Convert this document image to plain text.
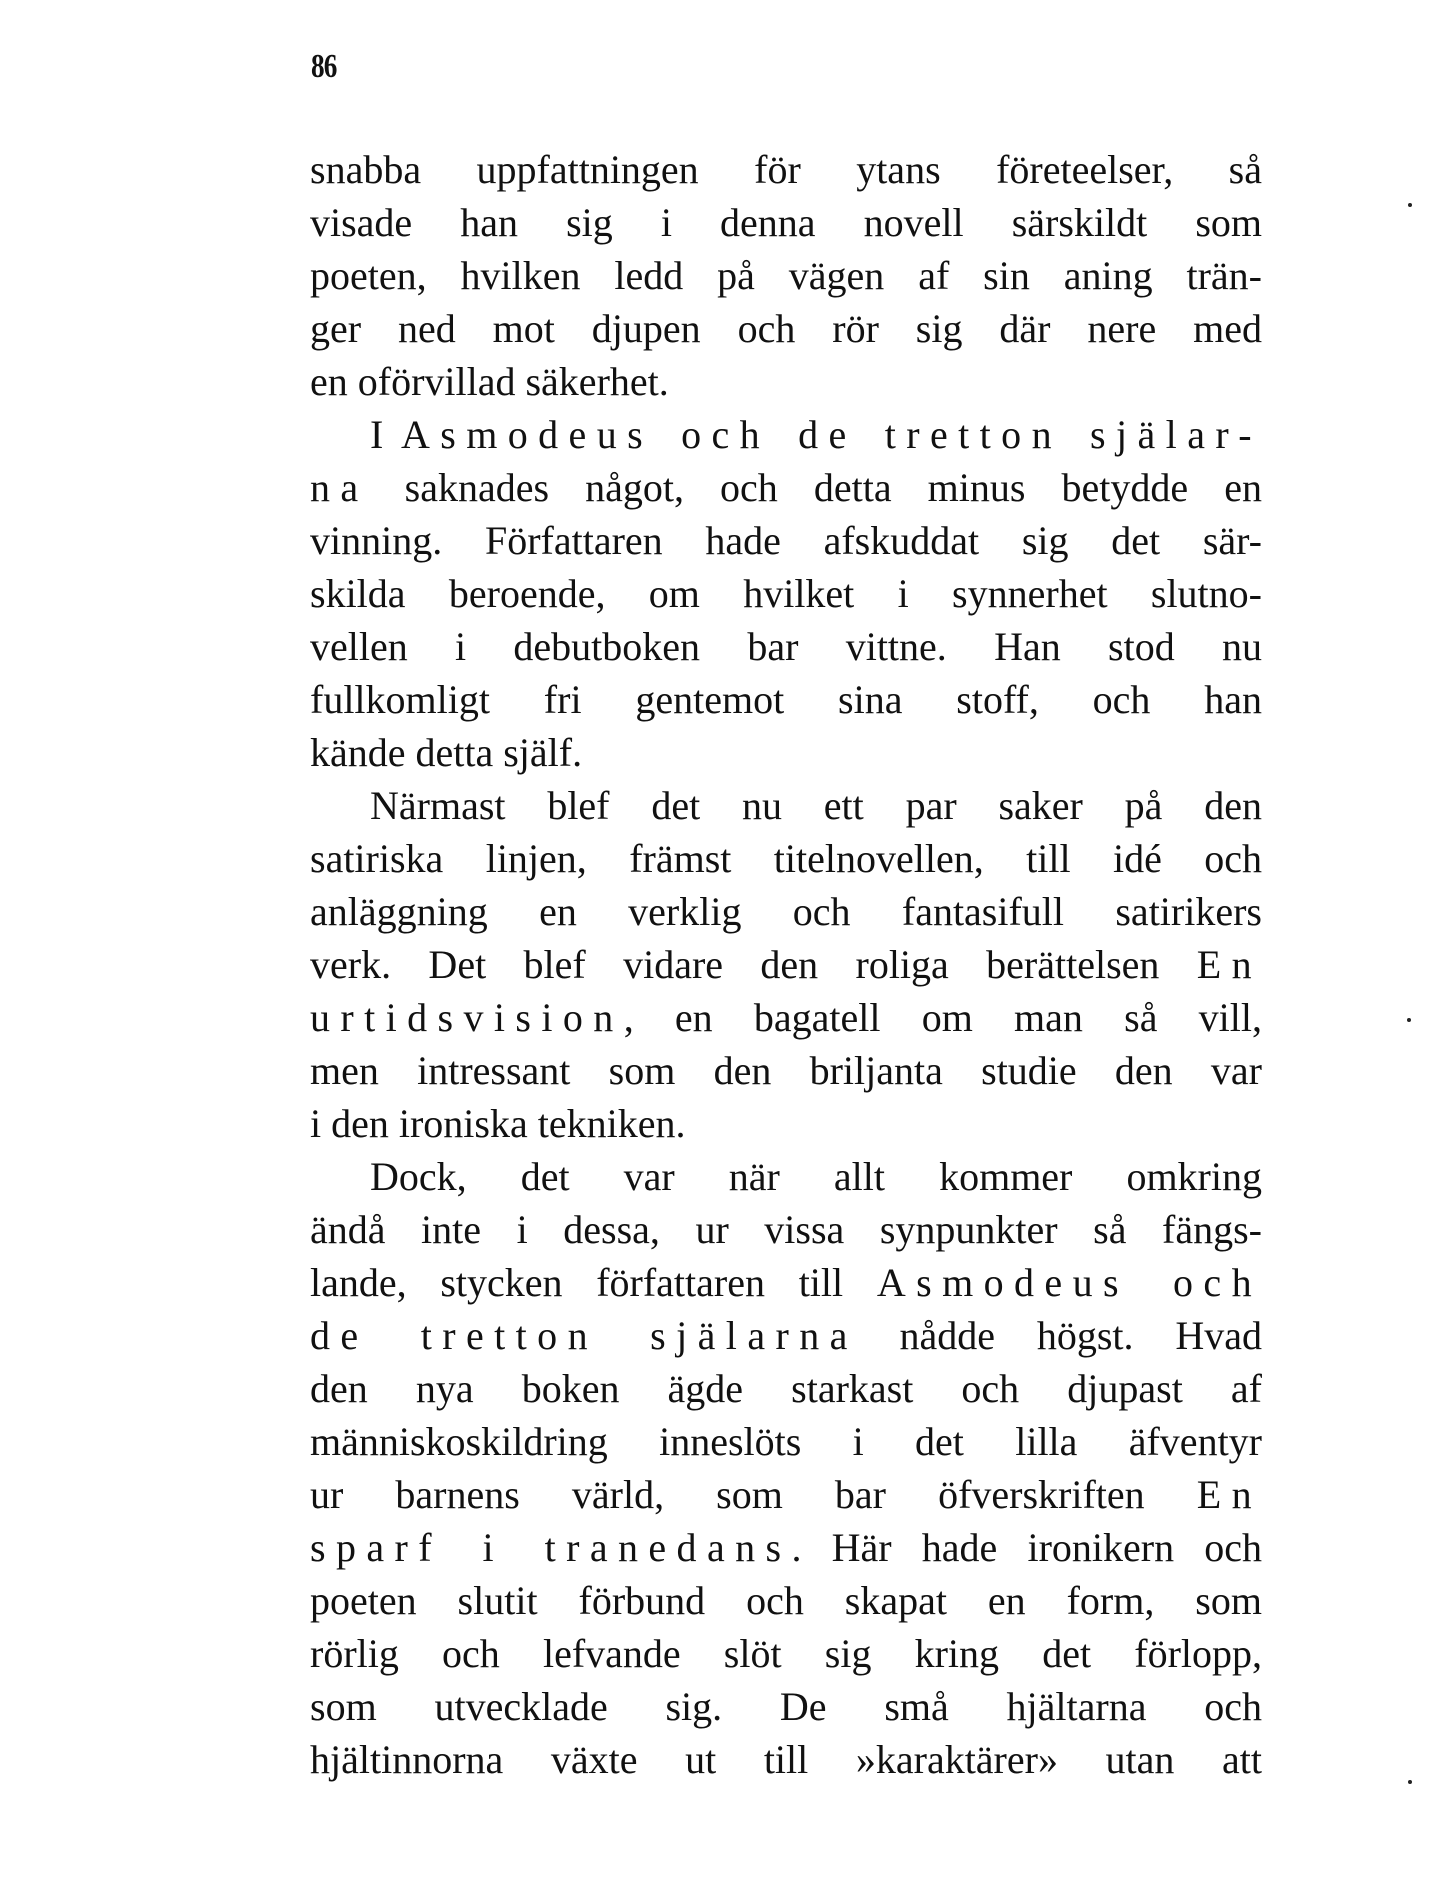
86
snabba uppfattningen för ytans företeelser, så
visade han sig i denna novell särskildt som
poeten, hvilken ledd på vägen af sin aning trän-
ger ned mot djupen och rör sig där nere med
en oförvillad säkerhet.
I Asmodeus och de tretton själar-
na saknades något, och detta minus betydde en
vinning. Författaren hade afskuddat sig det sär-
skilda beroende, om hvilket i synnerhet slutno-
vellen i debutboken bar vittne. Han stod nu
fullkomligt fri gentemot sina stoff, och han
kände detta själf.
Närmast blef det nu ett par saker på den
satiriska linjen, främst titelnovellen, till idé och
anläggning en verklig och fantasifull satirikers
verk. Det blef vidare den roliga berättelsen En
urtidsvision, en bagatell om man så vill,
men intressant som den briljanta studie den var
i den ironiska tekniken.
Dock, det var när allt kommer omkring
ändå inte i dessa, ur vissa synpunkter så fängs-
lande, stycken författaren till Asmodeus och
de tretton själarna nådde högst. Hvad
den nya boken ägde starkast och djupast af
människoskildring inneslöts i det lilla äfventyr
ur barnens värld, som bar öfverskriften En
sparf i tranedans. Här hade ironikern och
poeten slutit förbund och skapat en form, som
rörlig och lefvande slöt sig kring det förlopp,
som utvecklade sig. De små hjältarna och
hjältinnorna växte ut till »karaktärer» utan att
